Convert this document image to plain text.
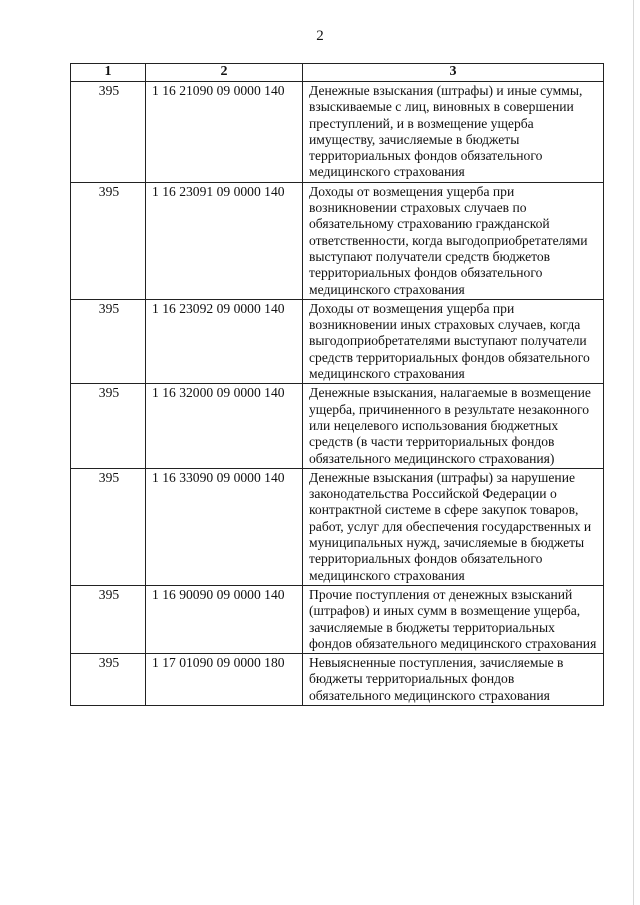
2
1	2	3
395	1 16 21090 09 0000 140	Денежные взыскания (штрафы) и иные суммы, взыскиваемые с лиц, виновных в совершении преступлений, и в возмещение ущерба имуществу, зачисляемые в бюджеты территориальных фондов обязательного медицинского страхования
395	1 16 23091 09 0000 140	Доходы от возмещения ущерба при возникновении страховых случаев по обязательному страхованию гражданской ответственности, когда выгодоприобретателями выступают получатели средств бюджетов территориальных фондов обязательного медицинского страхования
395	1 16 23092 09 0000 140	Доходы от возмещения ущерба при возникновении иных страховых случаев, когда выгодоприобретателями выступают получатели средств территориальных фондов обязательного медицинского страхования
395	1 16 32000 09 0000 140	Денежные взыскания, налагаемые в возмещение ущерба, причиненного в результате незаконного или нецелевого использования бюджетных средств (в части территориальных фондов обязательного медицинского страхования)
395	1 16 33090 09 0000 140	Денежные взыскания (штрафы) за нарушение законодательства Российской Федерации о контрактной системе в сфере закупок товаров, работ, услуг для обеспечения государственных и муниципальных нужд, зачисляемые в бюджеты территориальных фондов обязательного медицинского страхования
395	1 16 90090 09 0000 140	Прочие поступления от денежных взысканий (штрафов) и иных сумм в возмещение ущерба, зачисляемые в бюджеты территориальных фондов обязательного медицинского страхования
395	1 17 01090 09 0000 180	Невыясненные поступления, зачисляемые в бюджеты территориальных фондов обязательного медицинского страхования
